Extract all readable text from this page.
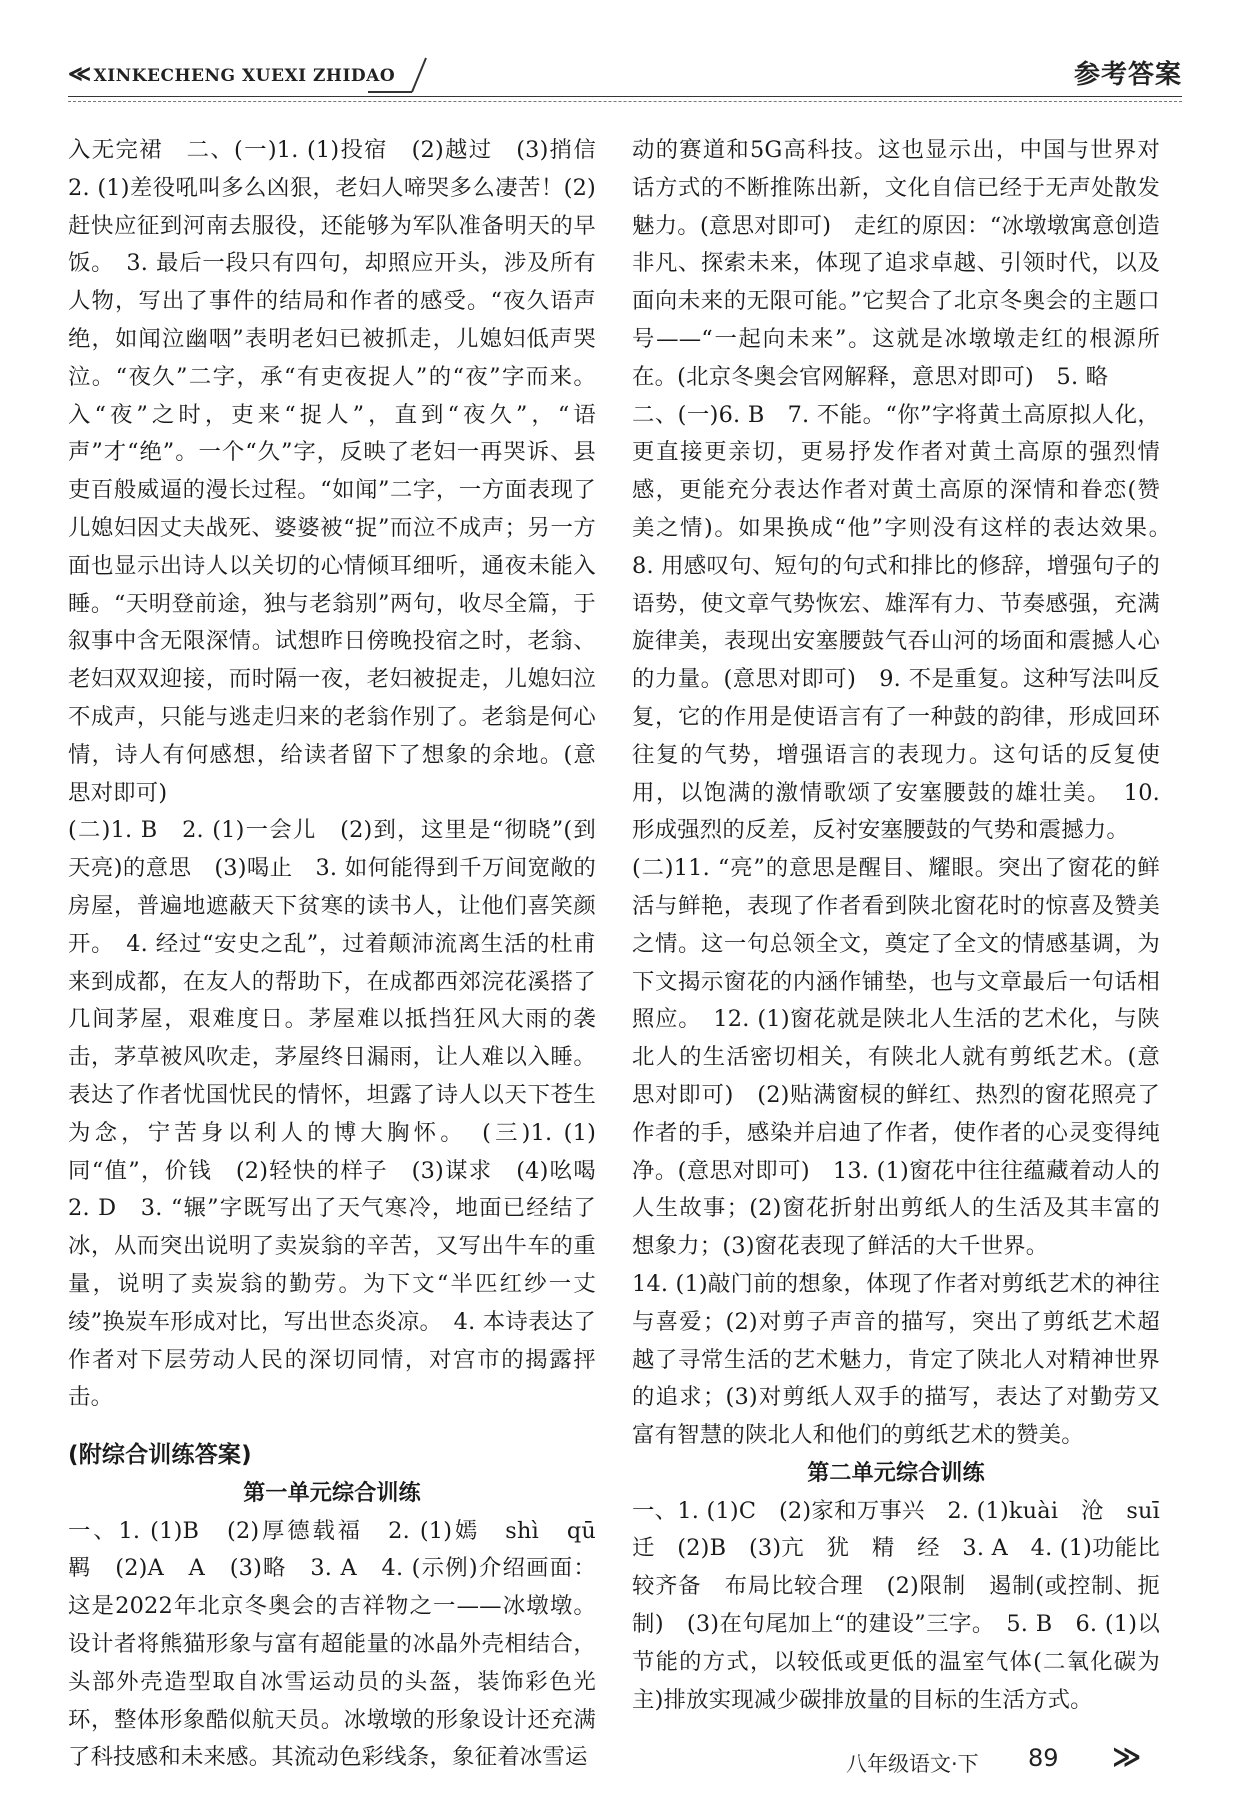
≪ XINKECHENG XUEXI ZHIDAO	参考答案

入无完裙　二、(一)1. (1)投宿　(2)越过　(3)捎信　2. (1)差役吼叫多么凶狠，老妇人啼哭多么凄苦！(2)赶快应征到河南去服役，还能够为军队准备明天的早饭。　3. 最后一段只有四句，却照应开头，涉及所有人物，写出了事件的结局和作者的感受。“夜久语声绝，如闻泣幽咽”表明老妇已被抓走，儿媳妇低声哭泣。“夜久”二字，承“有吏夜捉人”的“夜”字而来。入“夜”之时，吏来“捉人”，直到“夜久”，“语声”才“绝”。一个“久”字，反映了老妇一再哭诉、县吏百般威逼的漫长过程。“如闻”二字，一方面表现了儿媳妇因丈夫战死、婆婆被“捉”而泣不成声；另一方面也显示出诗人以关切的心情倾耳细听，通夜未能入睡。“天明登前途，独与老翁别”两句，收尽全篇，于叙事中含无限深情。试想昨日傍晚投宿之时，老翁、老妇双双迎接，而时隔一夜，老妇被捉走，儿媳妇泣不成声，只能与逃走归来的老翁作别了。老翁是何心情，诗人有何感想，给读者留下了想象的余地。(意思对即可)

(二)1. B　2. (1)一会儿　(2)到，这里是“彻晓”(到天亮)的意思　(3)喝止　3. 如何能得到千万间宽敞的房屋，普遍地遮蔽天下贫寒的读书人，让他们喜笑颜开。　4. 经过“安史之乱”，过着颠沛流离生活的杜甫来到成都，在友人的帮助下，在成都西郊浣花溪搭了几间茅屋，艰难度日。茅屋难以抵挡狂风大雨的袭击，茅草被风吹走，茅屋终日漏雨，让人难以入睡。表达了作者忧国忧民的情怀，坦露了诗人以天下苍生为念，宁苦身以利人的博大胸怀。　(三)1. (1)同“值”，价钱　(2)轻快的样子　(3)谋求　(4)吆喝　2. D　3. “辗”字既写出了天气寒冷，地面已经结了冰，从而突出说明了卖炭翁的辛苦，又写出牛车的重量，说明了卖炭翁的勤劳。为下文“半匹红纱一丈绫”换炭车形成对比，写出世态炎凉。　4. 本诗表达了作者对下层劳动人民的深切同情，对宫市的揭露抨击。

(附综合训练答案)

第一单元综合训练

一、1. (1)B　(2)厚德载福　2. (1)嫣　shì　qū　羁　(2)A　A　(3)略　3. A　4. (示例)介绍画面：这是2022年北京冬奥会的吉祥物之一——冰墩墩。设计者将熊猫形象与富有超能量的冰晶外壳相结合，头部外壳造型取自冰雪运动员的头盔，装饰彩色光环，整体形象酷似航天员。冰墩墩的形象设计还充满了科技感和未来感。其流动色彩线条，象征着冰雪运

动的赛道和5G高科技。这也显示出，中国与世界对话方式的不断推陈出新，文化自信已经于无声处散发魅力。(意思对即可)　走红的原因：“冰墩墩寓意创造非凡、探索未来，体现了追求卓越、引领时代，以及面向未来的无限可能。”它契合了北京冬奥会的主题口号——“一起向未来”。这就是冰墩墩走红的根源所在。(北京冬奥会官网解释，意思对即可)　5. 略

二、(一)6. B　7. 不能。“你”字将黄土高原拟人化，更直接更亲切，更易抒发作者对黄土高原的强烈情感，更能充分表达作者对黄土高原的深情和眷恋(赞美之情)。如果换成“他”字则没有这样的表达效果。　8. 用感叹句、短句的句式和排比的修辞，增强句子的语势，使文章气势恢宏、雄浑有力、节奏感强，充满旋律美，表现出安塞腰鼓气吞山河的场面和震撼人心的力量。(意思对即可)　9. 不是重复。这种写法叫反复，它的作用是使语言有了一种鼓的韵律，形成回环往复的气势，增强语言的表现力。这句话的反复使用，以饱满的激情歌颂了安塞腰鼓的雄壮美。　10. 形成强烈的反差，反衬安塞腰鼓的气势和震撼力。

(二)11. “亮”的意思是醒目、耀眼。突出了窗花的鲜活与鲜艳，表现了作者看到陕北窗花时的惊喜及赞美之情。这一句总领全文，奠定了全文的情感基调，为下文揭示窗花的内涵作铺垫，也与文章最后一句话相照应。　12. (1)窗花就是陕北人生活的艺术化，与陕北人的生活密切相关，有陕北人就有剪纸艺术。(意思对即可)　(2)贴满窗棂的鲜红、热烈的窗花照亮了作者的手，感染并启迪了作者，使作者的心灵变得纯净。(意思对即可)　13. (1)窗花中往往蕴藏着动人的人生故事；(2)窗花折射出剪纸人的生活及其丰富的想象力；(3)窗花表现了鲜活的大千世界。

14. (1)敲门前的想象，体现了作者对剪纸艺术的神往与喜爱；(2)对剪子声音的描写，突出了剪纸艺术超越了寻常生活的艺术魅力，肯定了陕北人对精神世界的追求；(3)对剪纸人双手的描写，表达了对勤劳又富有智慧的陕北人和他们的剪纸艺术的赞美。

第二单元综合训练

一、1. (1)C　(2)家和万事兴　2. (1)kuài　沧　suī　迁　(2)B　(3)亢　犹　精　经　3. A　4. (1)功能比较齐备　布局比较合理　(2)限制　遏制(或控制、扼制)　(3)在句尾加上“的建设”三字。　5. B　6. (1)以节能的方式，以较低或更低的温室气体(二氧化碳为主)排放实现减少碳排放量的目标的生活方式。

八年级语文·下 89 ≫
